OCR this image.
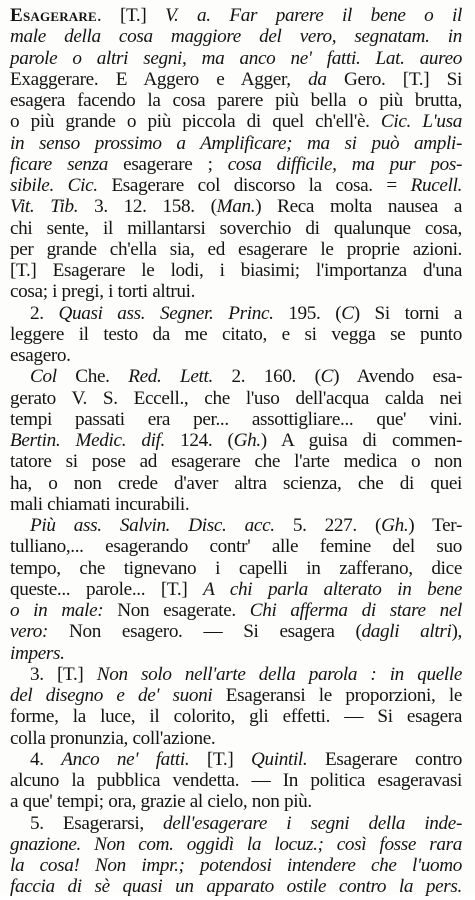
Esagerare. [T.] V. a. Far parere il bene o il
male della cosa maggiore del vero, segnatam. in
parole o altri segni, ma anco ne' fatti. Lat. aureo
Exaggerare. E Aggero e Agger, da Gero. [T.] Si
esagera facendo la cosa parere più bella o più brutta,
o più grande o più piccola di quel ch'ell'è. Cic. L'usa
in senso prossimo a Amplificare; ma si può ampli-
ficare senza esagerare ; cosa difficile, ma pur pos-
sibile. Cic. Esagerare col discorso la cosa. = Rucell.
Vit. Tib. 3. 12. 158. (Man.) Reca molta nausea a
chi sente, il millantarsi soverchio di qualunque cosa,
per grande ch'ella sia, ed esagerare le proprie azioni.
[T.] Esagerare le lodi, i biasimi; l'importanza d'una
cosa; i pregi, i torti altrui.
2. Quasi ass. Segner. Princ. 195. (C) Si torni a
leggere il testo da me citato, e si vegga se punto
esagero.
Col Che. Red. Lett. 2. 160. (C) Avendo esa-
gerato V. S. Eccell., che l'uso dell'acqua calda nei
tempi passati era per... assottigliare... que' vini.
Bertin. Medic. dif. 124. (Gh.) A guisa di commen-
tatore si pose ad esagerare che l'arte medica o non
ha, o non crede d'aver altra scienza, che di quei
mali chiamati incurabili.
Più ass. Salvin. Disc. acc. 5. 227. (Gh.) Ter-
tulliano,... esagerando contr' alle femine del suo
tempo, che tignevano i capelli in zafferano, dice
queste... parole... [T.] A chi parla alterato in bene
o in male: Non esagerate. Chi afferma di stare nel
vero: Non esagero. — Si esagera (dagli altri),
impers.
3. [T.] Non solo nell'arte della parola : in quelle
del disegno e de' suoni Esageransi le proporzioni, le
forme, la luce, il colorito, gli effetti. — Si esagera
colla pronunzia, coll'azione.
4. Anco ne' fatti. [T.] Quintil. Esagerare contro
alcuno la pubblica vendetta. — In politica esageravasi
a que' tempi; ora, grazie al cielo, non più.
5. Esagerarsi, dell'esagerare i segni della inde-
gnazione. Non com. oggidì la locuz.; così fosse rara
la cosa! Non impr.; potendosi intendere che l'uomo
faccia di sè quasi un apparato ostile contro la pers.
